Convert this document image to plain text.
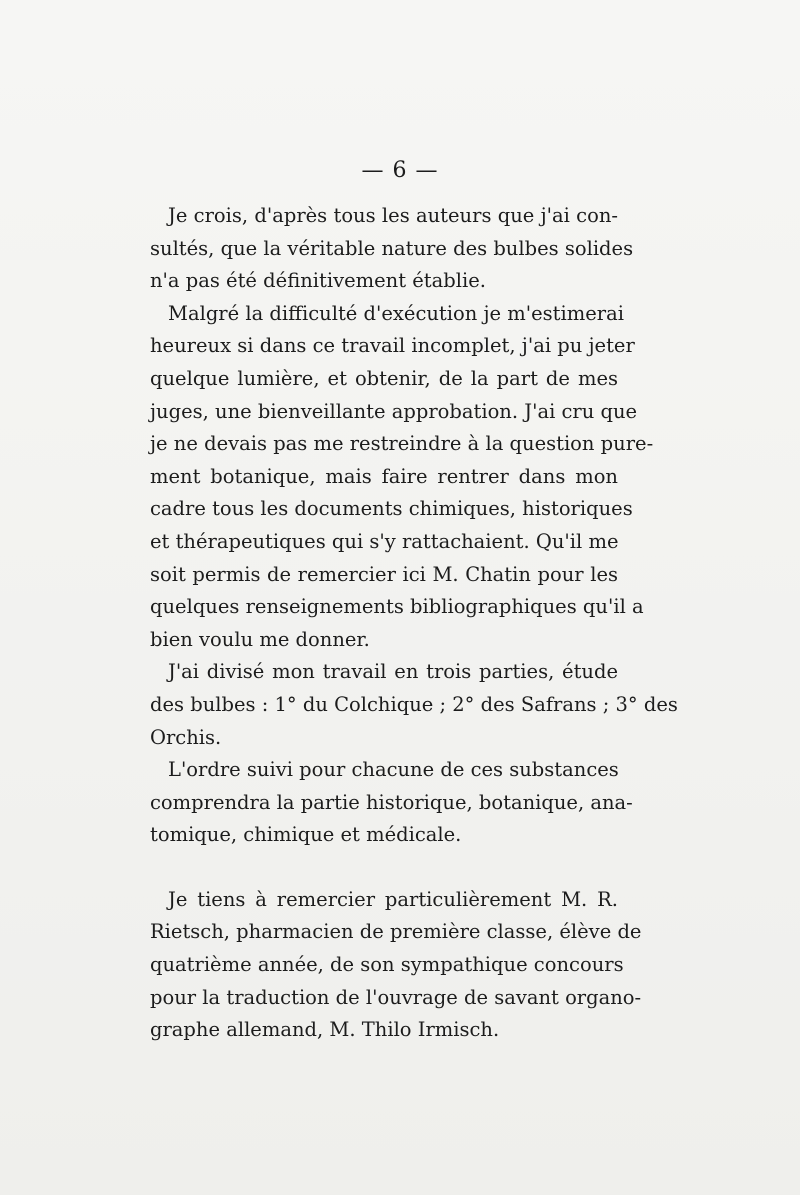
— 6 —

Je crois, d'après tous les auteurs que j'ai con-
sultés, que la véritable nature des bulbes solides
n'a pas été définitivement établie.

Malgré la difficulté d'exécution je m'estimerai
heureux si dans ce travail incomplet, j'ai pu jeter
quelque lumière, et obtenir, de la part de mes
juges, une bienveillante approbation. J'ai cru que
je ne devais pas me restreindre à la question pure-
ment botanique, mais faire rentrer dans mon
cadre tous les documents chimiques, historiques
et thérapeutiques qui s'y rattachaient. Qu'il me
soit permis de remercier ici M. Chatin pour les
quelques renseignements bibliographiques qu'il a
bien voulu me donner.

J'ai divisé mon travail en trois parties, étude
des bulbes : 1° du Colchique ; 2° des Safrans ; 3° des
Orchis.

L'ordre suivi pour chacune de ces substances
comprendra la partie historique, botanique, ana-
tomique, chimique et médicale.

Je tiens à remercier particulièrement M. R.
Rietsch, pharmacien de première classe, élève de
quatrième année, de son sympathique concours
pour la traduction de l'ouvrage de savant organo-
graphe allemand, M. Thilo Irmisch.
